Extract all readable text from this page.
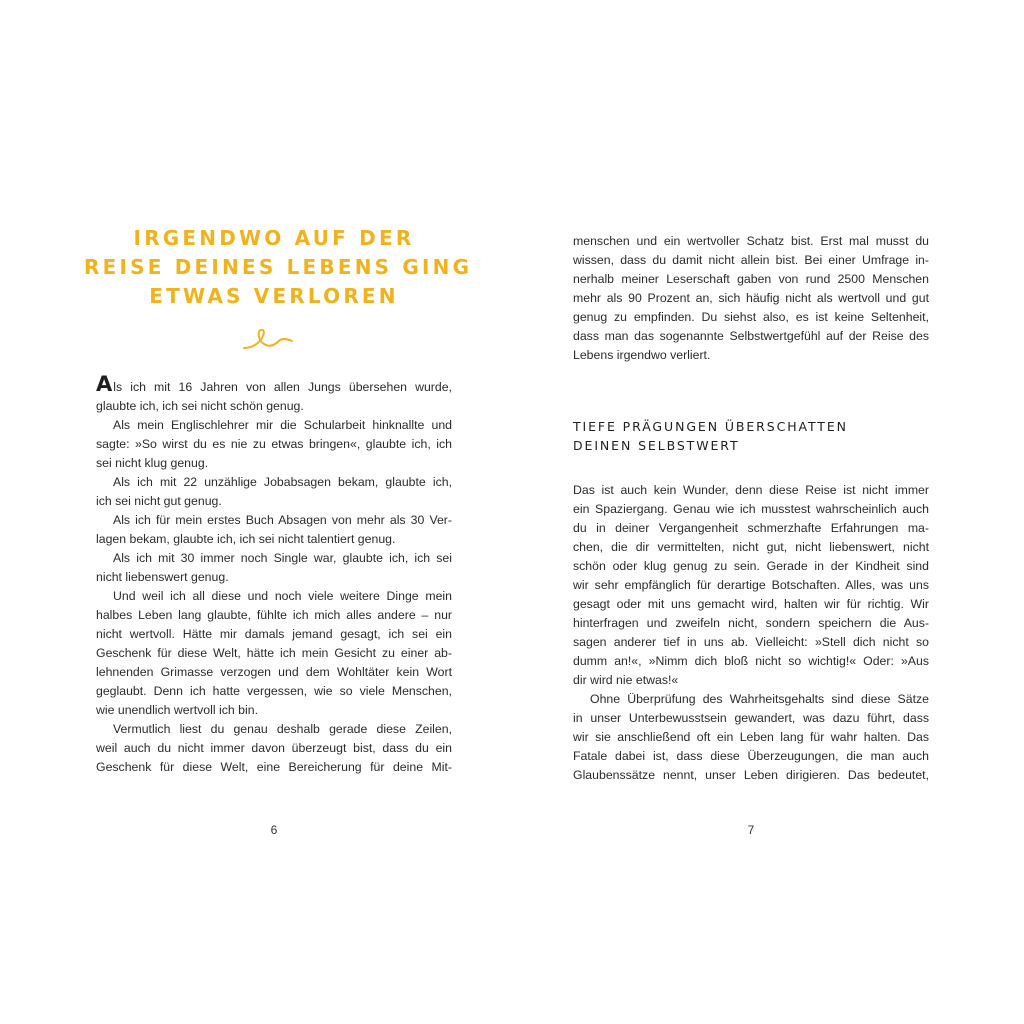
IRGENDWO AUF DER
REISE DEINES LEBENS GING
ETWAS VERLOREN
Als ich mit 16 Jahren von allen Jungs übersehen wurde,
glaubte ich, ich sei nicht schön genug.
Als mein Englischlehrer mir die Schularbeit hinknallte und
sagte: »So wirst du es nie zu etwas bringen«, glaubte ich, ich
sei nicht klug genug.
Als ich mit 22 unzählige Jobabsagen bekam, glaubte ich,
ich sei nicht gut genug.
Als ich für mein erstes Buch Absagen von mehr als 30 Ver-
lagen bekam, glaubte ich, ich sei nicht talentiert genug.
Als ich mit 30 immer noch Single war, glaubte ich, ich sei
nicht liebenswert genug.
Und weil ich all diese und noch viele weitere Dinge mein
halbes Leben lang glaubte, fühlte ich mich alles andere – nur
nicht wertvoll. Hätte mir damals jemand gesagt, ich sei ein
Geschenk für diese Welt, hätte ich mein Gesicht zu einer ab-
lehnenden Grimasse verzogen und dem Wohltäter kein Wort
geglaubt. Denn ich hatte vergessen, wie so viele Menschen,
wie unendlich wertvoll ich bin.
Vermutlich liest du genau deshalb gerade diese Zeilen,
weil auch du nicht immer davon überzeugt bist, dass du ein
Geschenk für diese Welt, eine Bereicherung für deine Mit-
6
menschen und ein wertvoller Schatz bist. Erst mal musst du
wissen, dass du damit nicht allein bist. Bei einer Umfrage in-
nerhalb meiner Leserschaft gaben von rund 2500 Menschen
mehr als 90 Prozent an, sich häufig nicht als wertvoll und gut
genug zu empfinden. Du siehst also, es ist keine Seltenheit,
dass man das sogenannte Selbstwertgefühl auf der Reise des
Lebens irgendwo verliert.
TIEFE PRÄGUNGEN ÜBERSCHATTEN
DEINEN SELBSTWERT
Das ist auch kein Wunder, denn diese Reise ist nicht immer
ein Spaziergang. Genau wie ich musstest wahrscheinlich auch
du in deiner Vergangenheit schmerzhafte Erfahrungen ma-
chen, die dir vermittelten, nicht gut, nicht liebenswert, nicht
schön oder klug genug zu sein. Gerade in der Kindheit sind
wir sehr empfänglich für derartige Botschaften. Alles, was uns
gesagt oder mit uns gemacht wird, halten wir für richtig. Wir
hinterfragen und zweifeln nicht, sondern speichern die Aus-
sagen anderer tief in uns ab. Vielleicht: »Stell dich nicht so
dumm an!«, »Nimm dich bloß nicht so wichtig!« Oder: »Aus
dir wird nie etwas!«
Ohne Überprüfung des Wahrheitsgehalts sind diese Sätze
in unser Unterbewusstsein gewandert, was dazu führt, dass
wir sie anschließend oft ein Leben lang für wahr halten. Das
Fatale dabei ist, dass diese Überzeugungen, die man auch
Glaubenssätze nennt, unser Leben dirigieren. Das bedeutet,
7
